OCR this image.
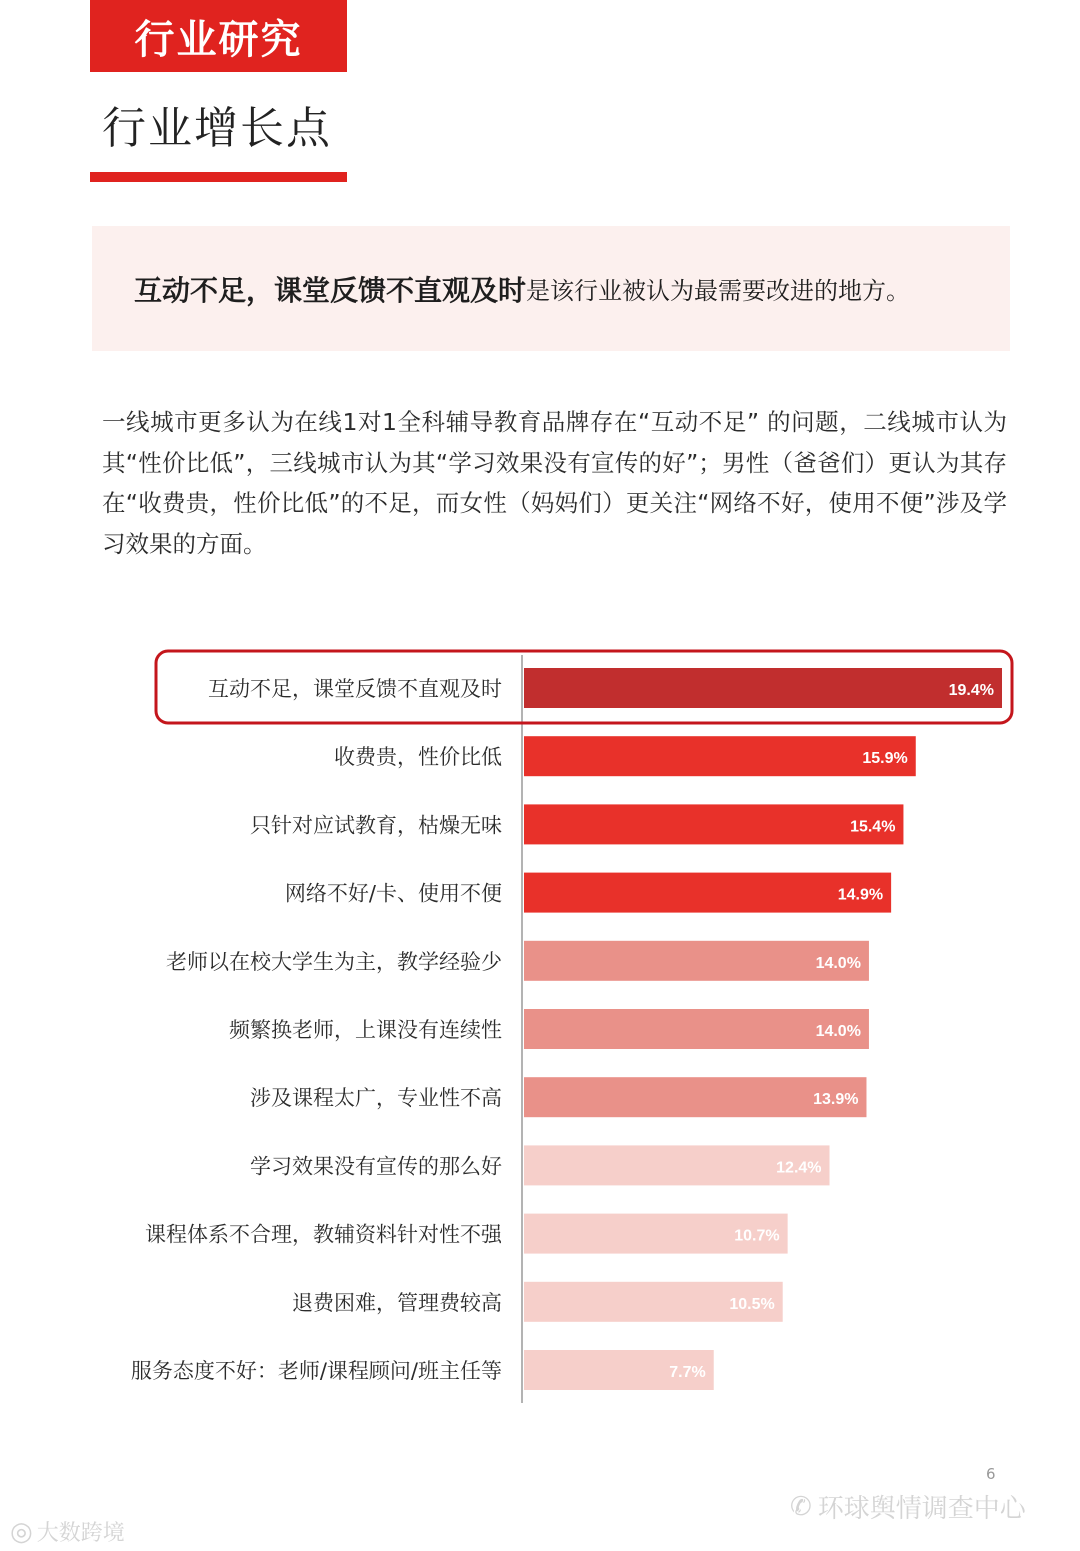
行业研究
行业增长点
互动不足，课堂反馈不直观及时 是该行业被认为最需要改进的地方。
一线城市更多认为在线1对1全科辅导教育品牌存在“互动不足” 的问题，二线城市认为其“性价比低”，三线城市认为其“学习效果没有宣传的好”；男性（爸爸们）更认为其存在“收费贵，性价比低”的不足，而女性（妈妈们）更关注“网络不好，使用不便”涉及学习效果的方面。
互动不足，课堂反馈不直观及时	19.4%
收费贵，性价比低	15.9%
只针对应试教育，枯燥无味	15.4%
网络不好/卡、使用不便	14.9%
老师以在校大学生为主，教学经验少	14.0%
频繁换老师，上课没有连续性	14.0%
涉及课程太广，专业性不高	13.9%
学习效果没有宣传的那么好	12.4%
课程体系不合理，教辅资料针对性不强	10.7%
退费困难，管理费较高	10.5%
服务态度不好：老师/课程顾问/班主任等	7.7%
6
✆ 环球舆情调查中心
◎ 大数跨境
